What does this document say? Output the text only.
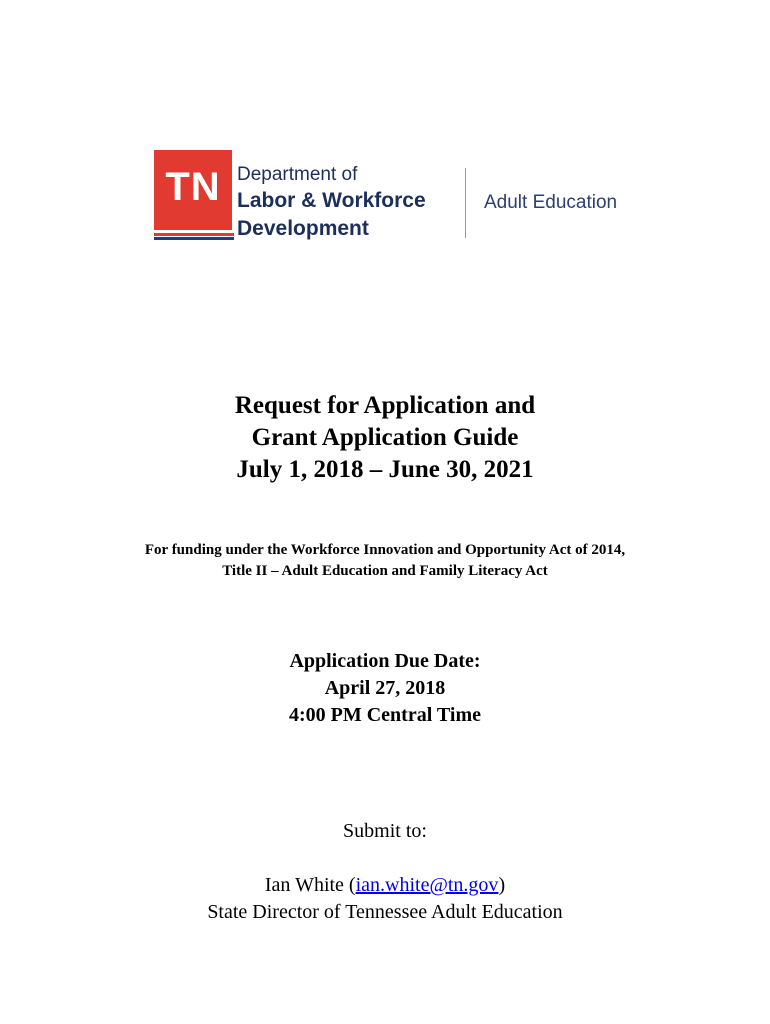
TN Department of
Labor & Workforce
Development
Adult Education
Request for Application and
Grant Application Guide
July 1, 2018 – June 30, 2021
For funding under the Workforce Innovation and Opportunity Act of 2014,
Title II – Adult Education and Family Literacy Act
Application Due Date:
April 27, 2018
4:00 PM Central Time
Submit to:
Ian White (ian.white@tn.gov)
State Director of Tennessee Adult Education
